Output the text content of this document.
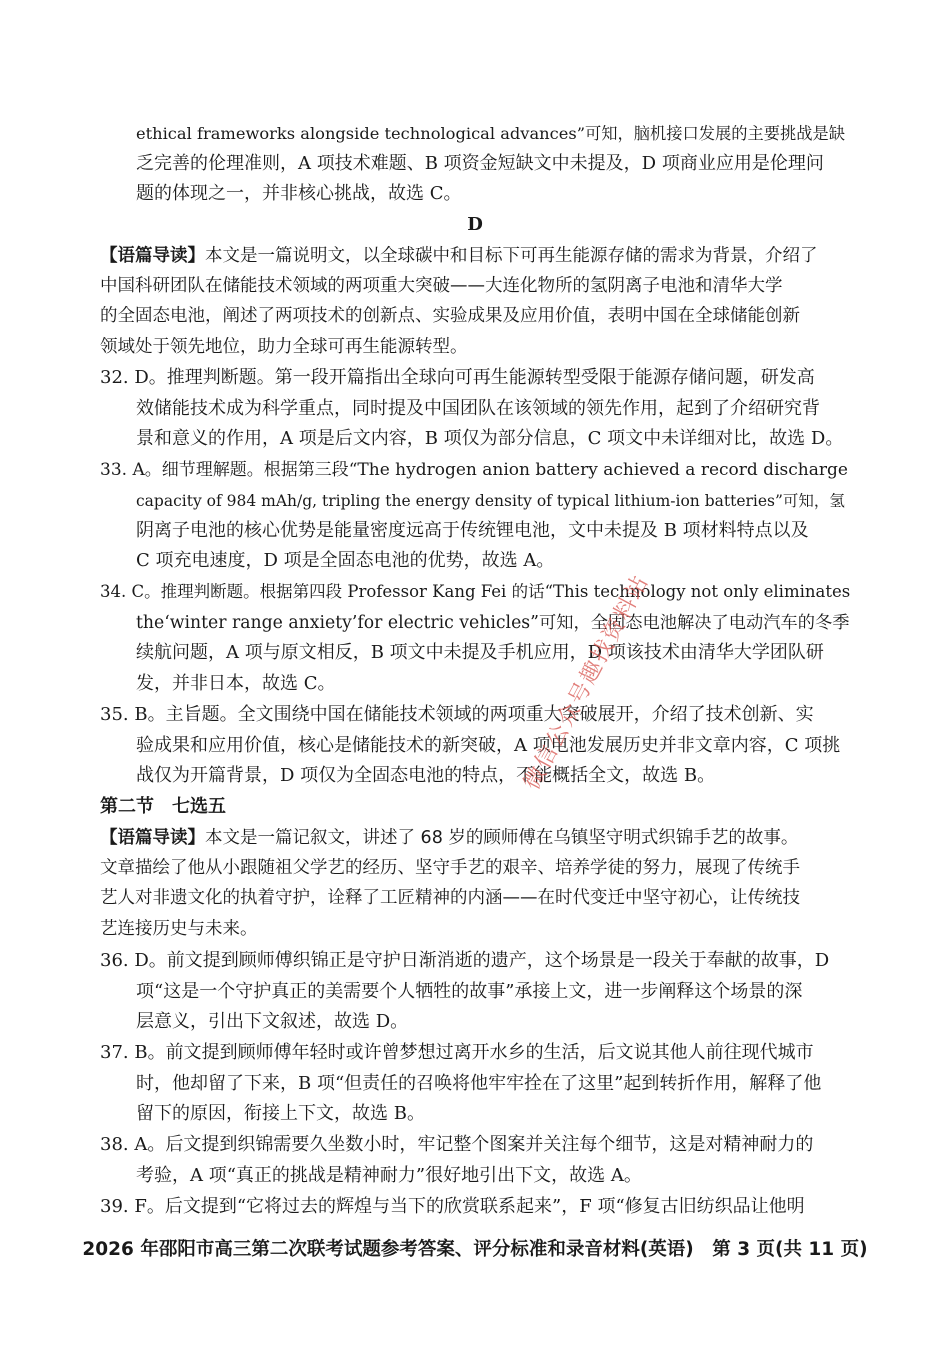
ethical frameworks alongside technological advances”可知，脑机接口发展的主要挑战是缺
乏完善的伦理准则，A 项技术难题、B 项资金短缺文中未提及，D 项商业应用是伦理问
题的体现之一，并非核心挑战，故选 C。
D
【语篇导读】本文是一篇说明文，以全球碳中和目标下可再生能源存储的需求为背景，介绍了
中国科研团队在储能技术领域的两项重大突破——大连化物所的氢阴离子电池和清华大学
的全固态电池，阐述了两项技术的创新点、实验成果及应用价值，表明中国在全球储能创新
领域处于领先地位，助力全球可再生能源转型。
32. D。推理判断题。第一段开篇指出全球向可再生能源转型受限于能源存储问题，研发高
效储能技术成为科学重点，同时提及中国团队在该领域的领先作用，起到了介绍研究背
景和意义的作用，A 项是后文内容，B 项仅为部分信息，C 项文中未详细对比，故选 D。
33. A。细节理解题。根据第三段“The hydrogen anion battery achieved a record discharge
capacity of 984 mAh/g, tripling the energy density of typical lithium-ion batteries”可知，氢
阴离子电池的核心优势是能量密度远高于传统锂电池，文中未提及 B 项材料特点以及
C 项充电速度，D 项是全固态电池的优势，故选 A。
34. C。推理判断题。根据第四段 Professor Kang Fei 的话“This technology not only eliminates
the‘winter range anxiety’for electric vehicles”可知，全固态电池解决了电动汽车的冬季
续航问题，A 项与原文相反，B 项文中未提及手机应用，D 项该技术由清华大学团队研
发，并非日本，故选 C。
35. B。主旨题。全文围绕中国在储能技术领域的两项重大突破展开，介绍了技术创新、实
验成果和应用价值，核心是储能技术的新突破，A 项电池发展历史并非文章内容，C 项挑
战仅为开篇背景，D 项仅为全固态电池的特点，不能概括全文，故选 B。
第二节　七选五
【语篇导读】本文是一篇记叙文，讲述了 68 岁的顾师傅在乌镇坚守明式织锦手艺的故事。
文章描绘了他从小跟随祖父学艺的经历、坚守手艺的艰辛、培养学徒的努力，展现了传统手
艺人对非遗文化的执着守护，诠释了工匠精神的内涵——在时代变迁中坚守初心，让传统技
艺连接历史与未来。
36. D。前文提到顾师傅织锦正是守护日渐消逝的遗产，这个场景是一段关于奉献的故事，D
项“这是一个守护真正的美需要个人牺牲的故事”承接上文，进一步阐释这个场景的深
层意义，引出下文叙述，故选 D。
37. B。前文提到顾师傅年轻时或许曾梦想过离开水乡的生活，后文说其他人前往现代城市
时，他却留了下来，B 项“但责任的召唤将他牢牢拴在了这里”起到转折作用，解释了他
留下的原因，衔接上下文，故选 B。
38. A。后文提到织锦需要久坐数小时，牢记整个图案并关注每个细节，这是对精神耐力的
考验，A 项“真正的挑战是精神耐力”很好地引出下文，故选 A。
39. F。后文提到“它将过去的辉煌与当下的欣赏联系起来”，F 项“修复古旧纺织品让他明
2026 年邵阳市高三第二次联考试题参考答案、评分标准和录音材料(英语)　第 3 页(共 11 页)
微信公众号趣找资料站
